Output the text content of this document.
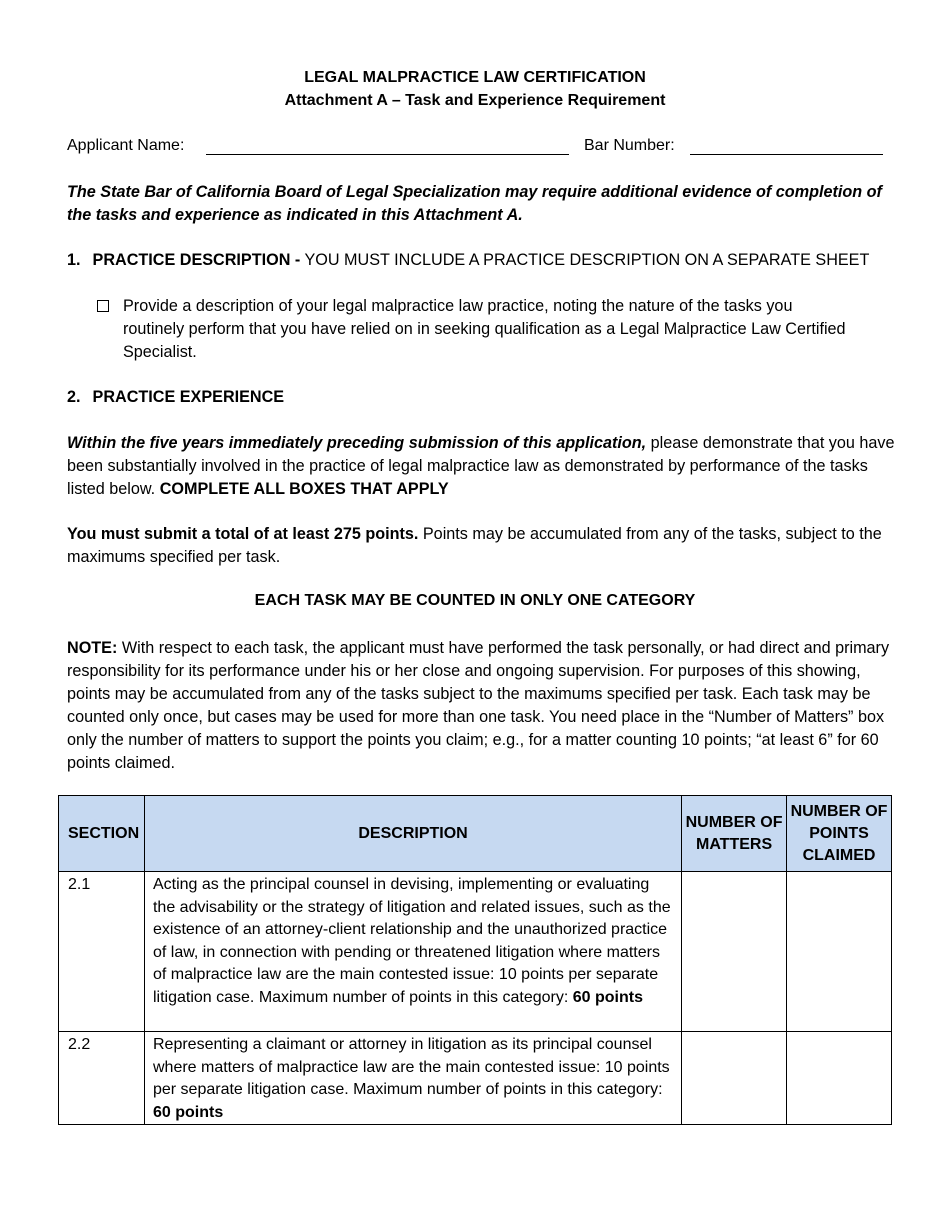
LEGAL MALPRACTICE LAW CERTIFICATION
Attachment A – Task and Experience Requirement
Applicant Name:	Bar Number:
The State Bar of California Board of Legal Specialization may require additional evidence of completion of the tasks and experience as indicated in this Attachment A.
1. PRACTICE DESCRIPTION - YOU MUST INCLUDE A PRACTICE DESCRIPTION ON A SEPARATE SHEET
Provide a description of your legal malpractice law practice, noting the nature of the tasks you routinely perform that you have relied on in seeking qualification as a Legal Malpractice Law Certified Specialist.
2. PRACTICE EXPERIENCE
Within the five years immediately preceding submission of this application, please demonstrate that you have been substantially involved in the practice of legal malpractice law as demonstrated by performance of the tasks listed below. COMPLETE ALL BOXES THAT APPLY
You must submit a total of at least 275 points. Points may be accumulated from any of the tasks, subject to the maximums specified per task.
EACH TASK MAY BE COUNTED IN ONLY ONE CATEGORY
NOTE: With respect to each task, the applicant must have performed the task personally, or had direct and primary responsibility for its performance under his or her close and ongoing supervision. For purposes of this showing, points may be accumulated from any of the tasks subject to the maximums specified per task. Each task may be counted only once, but cases may be used for more than one task. You need place in the “Number of Matters” box only the number of matters to support the points you claim; e.g., for a matter counting 10 points; “at least 6” for 60 points claimed.
SECTION	DESCRIPTION	NUMBER OF MATTERS	NUMBER OF POINTS CLAIMED
2.1	Acting as the principal counsel in devising, implementing or evaluating the advisability or the strategy of litigation and related issues, such as the existence of an attorney-client relationship and the unauthorized practice of law, in connection with pending or threatened litigation where matters of malpractice law are the main contested issue: 10 points per separate litigation case. Maximum number of points in this category: 60 points		
2.2	Representing a claimant or attorney in litigation as its principal counsel where matters of malpractice law are the main contested issue: 10 points per separate litigation case. Maximum number of points in this category: 60 points		
